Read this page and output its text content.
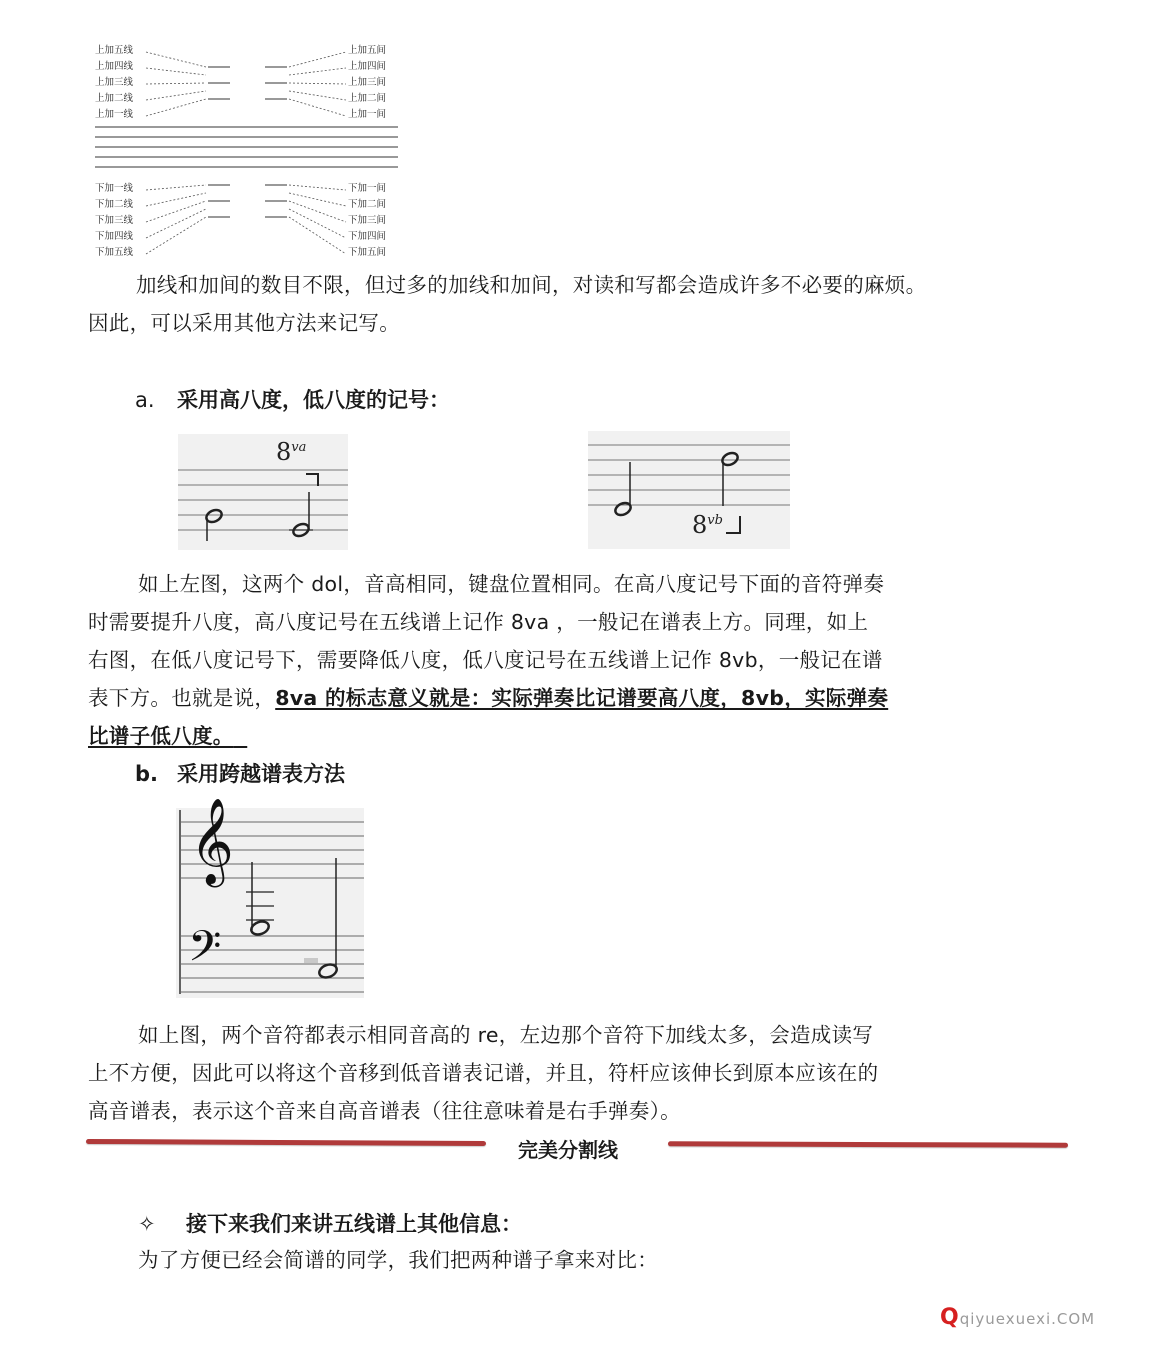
上加五线
上加四线
上加三线
上加二线
上加一线
上加五间
上加四间
上加三间
上加二间
上加一间
下加一线
下加二线
下加三线
下加四线
下加五线
下加一间
下加二间
下加三间
下加四间
下加五间
加线和加间的数目不限，但过多的加线和加间，对读和写都会造成许多不必要的麻烦。
因此，可以采用其他方法来记写。
a. 采用高八度，低八度的记号：
$8^{va}$
$8^{vb}$
如上左图，这两个 dol，音高相同，键盘位置相同。在高八度记号下面的音符弹奏
时需要提升八度，高八度记号在五线谱上记作 8va ，一般记在谱表上方。同理，如上
右图，在低八度记号下，需要降低八度，低八度记号在五线谱上记作 8vb，一般记在谱
表下方。也就是说，8va 的标志意义就是：实际弹奏比记谱要高八度，8vb，实际弹奏
比谱子低八度。
b. 采用跨越谱表方法
𝄞
𝄢
如上图，两个音符都表示相同音高的 re，左边那个音符下加线太多，会造成读写
上不方便，因此可以将这个音移到低音谱表记谱，并且，符杆应该伸长到原本应该在的
高音谱表，表示这个音来自高音谱表（往往意味着是右手弹奏）。
完美分割线
✧ 接下来我们来讲五线谱上其他信息：
为了方便已经会简谱的同学，我们把两种谱子拿来对比：
Qqiyuexuexi.COM
